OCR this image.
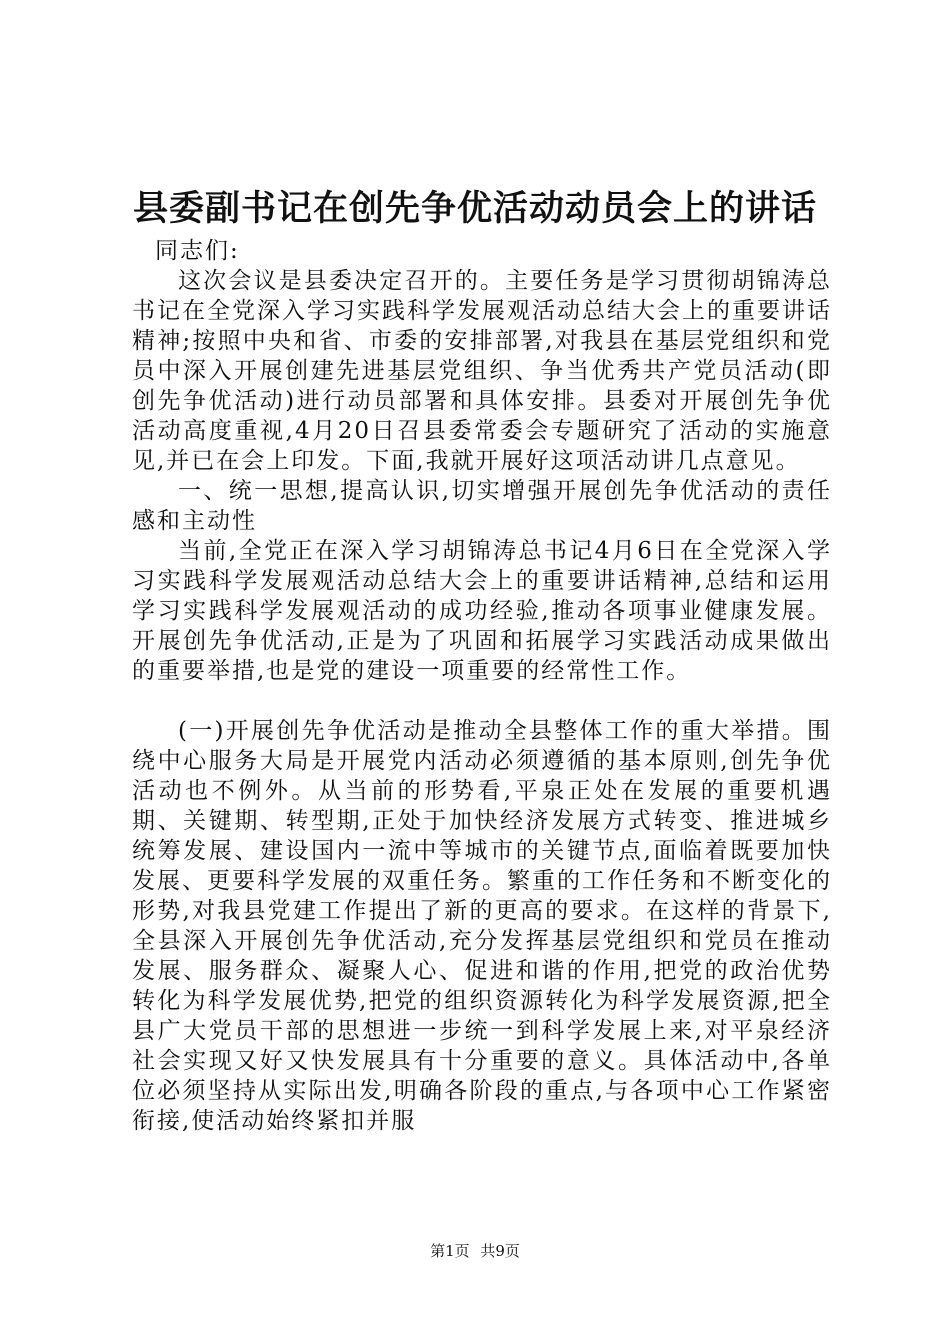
县委副书记在创先争优活动动员会上的讲话

同志们:

这次会议是县委决定召开的。主要任务是学习贯彻胡锦涛总书记在全党深入学习实践科学发展观活动总结大会上的重要讲话精神;按照中央和省、市委的安排部署,对我县在基层党组织和党员中深入开展创建先进基层党组织、争当优秀共产党员活动(即创先争优活动)进行动员部署和具体安排。县委对开展创先争优活动高度重视,4月20日召县委常委会专题研究了活动的实施意见,并已在会上印发。下面,我就开展好这项活动讲几点意见。

一、统一思想,提高认识,切实增强开展创先争优活动的责任感和主动性

当前,全党正在深入学习胡锦涛总书记4月6日在全党深入学习实践科学发展观活动总结大会上的重要讲话精神,总结和运用学习实践科学发展观活动的成功经验,推动各项事业健康发展。开展创先争优活动,正是为了巩固和拓展学习实践活动成果做出的重要举措,也是党的建设一项重要的经常性工作。

(一)开展创先争优活动是推动全县整体工作的重大举措。围绕中心服务大局是开展党内活动必须遵循的基本原则,创先争优活动也不例外。从当前的形势看,平泉正处在发展的重要机遇期、关键期、转型期,正处于加快经济发展方式转变、推进城乡统筹发展、建设国内一流中等城市的关键节点,面临着既要加快发展、更要科学发展的双重任务。繁重的工作任务和不断变化的形势,对我县党建工作提出了新的更高的要求。在这样的背景下,全县深入开展创先争优活动,充分发挥基层党组织和党员在推动发展、服务群众、凝聚人心、促进和谐的作用,把党的政治优势转化为科学发展优势,把党的组织资源转化为科学发展资源,把全县广大党员干部的思想进一步统一到科学发展上来,对平泉经济社会实现又好又快发展具有十分重要的意义。具体活动中,各单位必须坚持从实际出发,明确各阶段的重点,与各项中心工作紧密衔接,使活动始终紧扣并服

第1页 共9页
